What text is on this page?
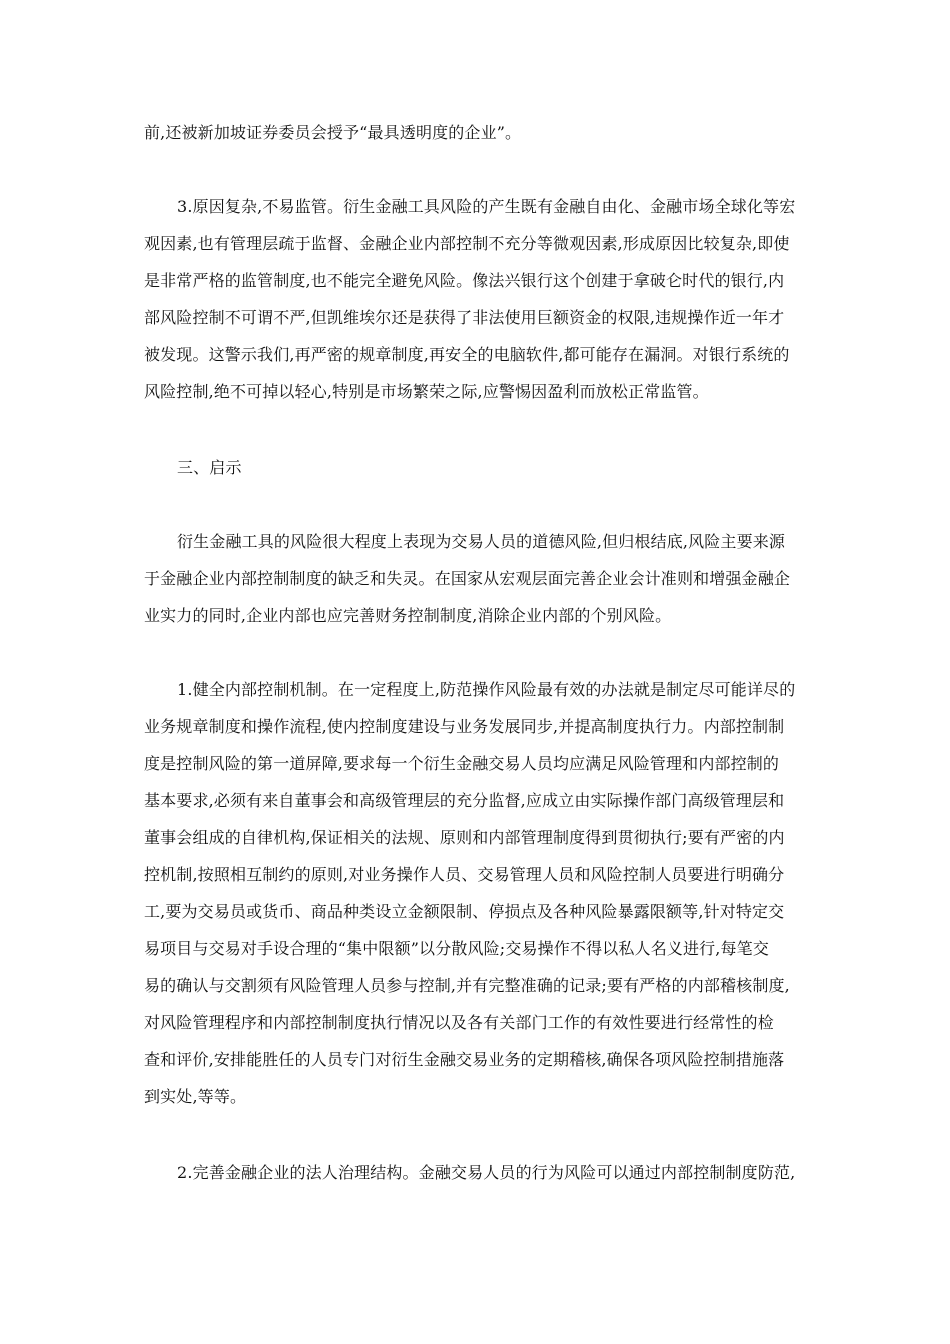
前,还被新加坡证券委员会授予“最具透明度的企业”。
3.原因复杂,不易监管。衍生金融工具风险的产生既有金融自由化、金融市场全球化等宏
观因素,也有管理层疏于监督、金融企业内部控制不充分等微观因素,形成原因比较复杂,即使
是非常严格的监管制度,也不能完全避免风险。像法兴银行这个创建于拿破仑时代的银行,内
部风险控制不可谓不严,但凯维埃尔还是获得了非法使用巨额资金的权限,违规操作近一年才
被发现。这警示我们,再严密的规章制度,再安全的电脑软件,都可能存在漏洞。对银行系统的
风险控制,绝不可掉以轻心,特别是市场繁荣之际,应警惕因盈利而放松正常监管。
三、启示
衍生金融工具的风险很大程度上表现为交易人员的道德风险,但归根结底,风险主要来源
于金融企业内部控制制度的缺乏和失灵。在国家从宏观层面完善企业会计准则和增强金融企
业实力的同时,企业内部也应完善财务控制制度,消除企业内部的个别风险。
1.健全内部控制机制。在一定程度上,防范操作风险最有效的办法就是制定尽可能详尽的
业务规章制度和操作流程,使内控制度建设与业务发展同步,并提高制度执行力。内部控制制
度是控制风险的第一道屏障,要求每一个衍生金融交易人员均应满足风险管理和内部控制的
基本要求,必须有来自董事会和高级管理层的充分监督,应成立由实际操作部门高级管理层和
董事会组成的自律机构,保证相关的法规、原则和内部管理制度得到贯彻执行;要有严密的内
控机制,按照相互制约的原则,对业务操作人员、交易管理人员和风险控制人员要进行明确分
工,要为交易员或货币、商品种类设立金额限制、停损点及各种风险暴露限额等,针对特定交
易项目与交易对手设合理的“集中限额”以分散风险;交易操作不得以私人名义进行,每笔交
易的确认与交割须有风险管理人员参与控制,并有完整准确的记录;要有严格的内部稽核制度,
对风险管理程序和内部控制制度执行情况以及各有关部门工作的有效性要进行经常性的检
查和评价,安排能胜任的人员专门对衍生金融交易业务的定期稽核,确保各项风险控制措施落
到实处,等等。
2.完善金融企业的法人治理结构。金融交易人员的行为风险可以通过内部控制制度防范,
